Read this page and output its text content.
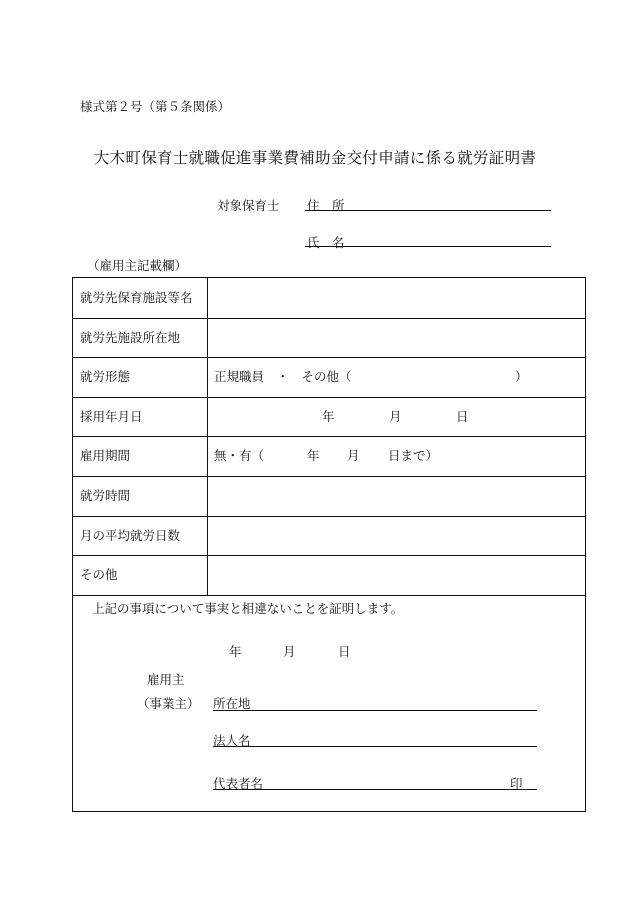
様式第２号（第５条関係）
大木町保育士就職促進事業費補助金交付申請に係る就労証明書
対象保育士 住　所
氏　名
（雇用主記載欄）
就労先保育施設等名
就労先施設所在地
就労形態	正規職員　・　その他（	）
採用年月日	年	月	日
雇用期間	無・有（	年 月 日まで）
就労時間
月の平均就労日数
その他
上記の事項について事実と相違ないことを証明します。
年	月	日
雇用主
（事業主） 所在地
法人名
代表者名	印
